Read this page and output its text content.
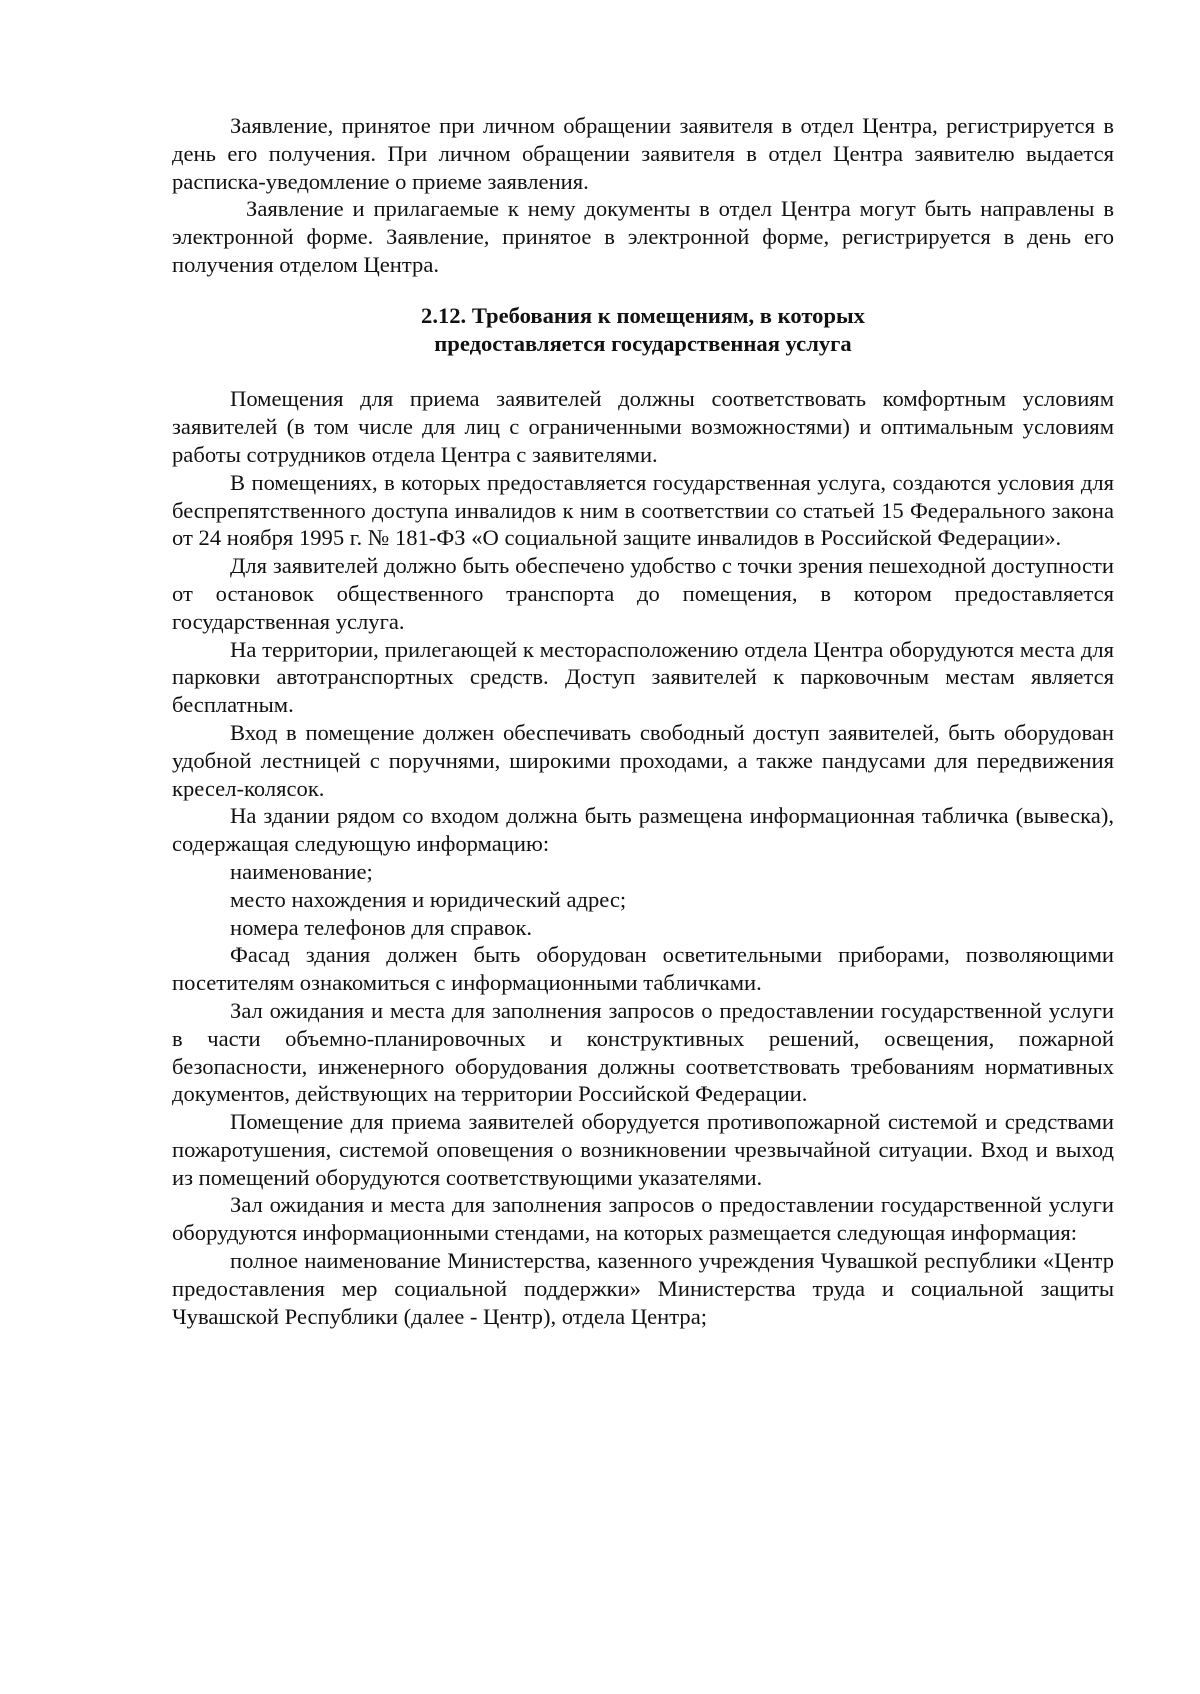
Заявление, принятое при личном обращении заявителя в отдел Центра, регистрируется в день его получения. При личном обращении заявителя в отдел Центра заявителю выдается расписка-уведомление о приеме заявления.

Заявление и прилагаемые к нему документы в отдел Центра могут быть направлены в электронной форме. Заявление, принятое в электронной форме, регистрируется в день его получения отделом Центра.

2.12. Требования к помещениям, в которых
предоставляется государственная услуга

Помещения для приема заявителей должны соответствовать комфортным условиям заявителей (в том числе для лиц с ограниченными возможностями) и оптимальным условиям работы сотрудников отдела Центра с заявителями.

В помещениях, в которых предоставляется государственная услуга, создаются условия для беспрепятственного доступа инвалидов к ним в соответствии со статьей 15 Федерального закона от 24 ноября 1995 г. № 181-ФЗ «О социальной защите инвалидов в Российской Федерации».

Для заявителей должно быть обеспечено удобство с точки зрения пешеходной доступности от остановок общественного транспорта до помещения, в котором предоставляется государственная услуга.

На территории, прилегающей к месторасположению отдела Центра оборудуются места для парковки автотранспортных средств. Доступ заявителей к парковочным местам является бесплатным.

Вход в помещение должен обеспечивать свободный доступ заявителей, быть оборудован удобной лестницей с поручнями, широкими проходами, а также пандусами для передвижения кресел-колясок.

На здании рядом со входом должна быть размещена информационная табличка (вывеска), содержащая следующую информацию:

наименование;

место нахождения и юридический адрес;

номера телефонов для справок.

Фасад здания должен быть оборудован осветительными приборами, позволяющими посетителям ознакомиться с информационными табличками.

Зал ожидания и места для заполнения запросов о предоставлении государственной услуги в части объемно-планировочных и конструктивных решений, освещения, пожарной безопасности, инженерного оборудования должны соответствовать требованиям нормативных документов, действующих на территории Российской Федерации.

Помещение для приема заявителей оборудуется противопожарной системой и средствами пожаротушения, системой оповещения о возникновении чрезвычайной ситуации. Вход и выход из помещений оборудуются соответствующими указателями.

Зал ожидания и места для заполнения запросов о предоставлении государственной услуги оборудуются информационными стендами, на которых размещается следующая информация:

полное наименование Министерства, казенного учреждения Чувашкой республики «Центр предоставления мер социальной поддержки» Министерства труда и социальной защиты Чувашской Республики (далее - Центр), отдела Центра;
